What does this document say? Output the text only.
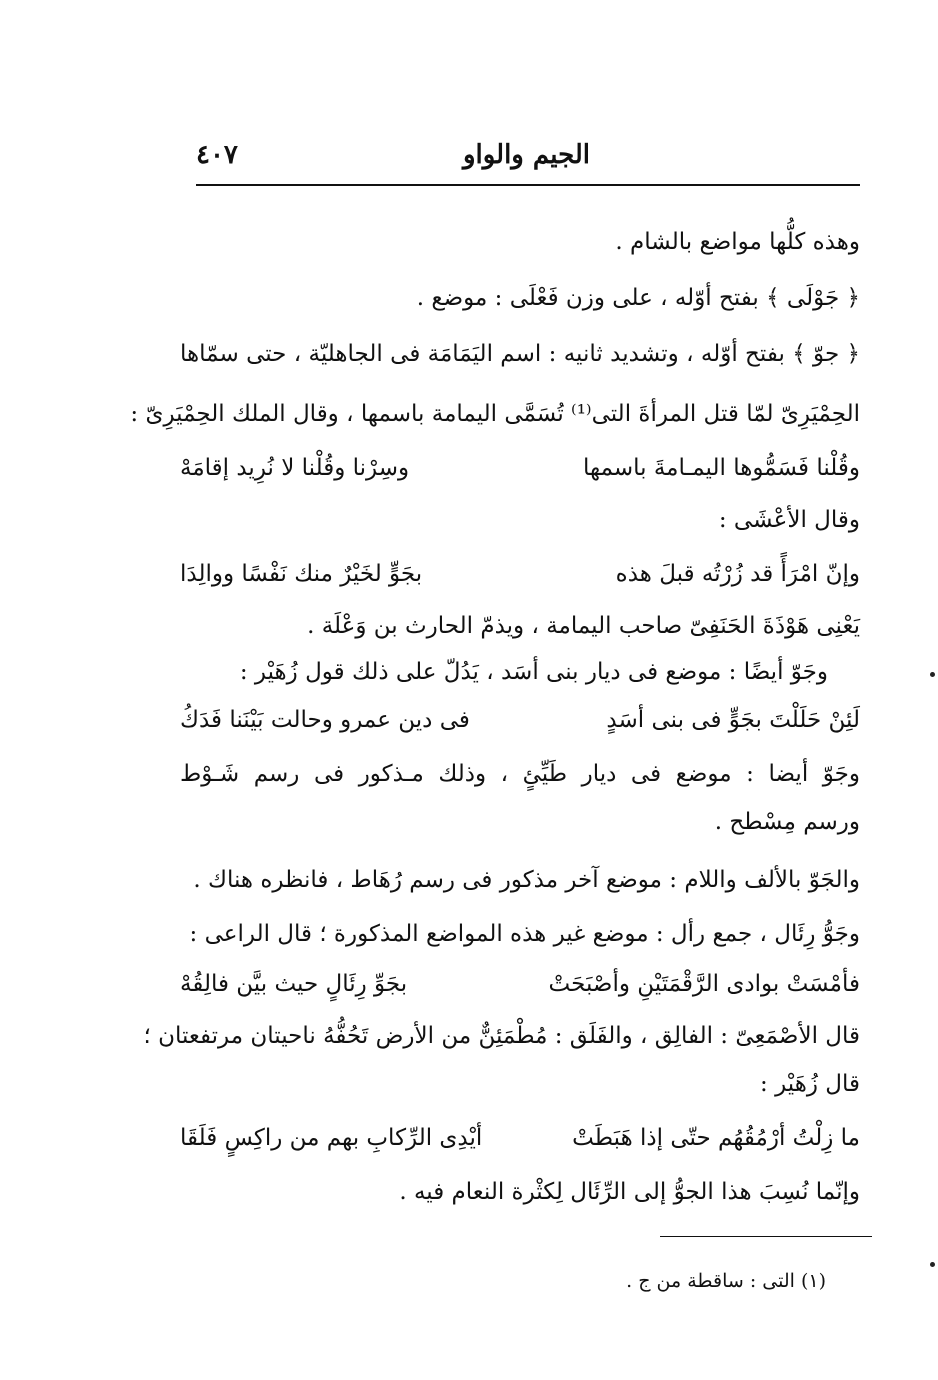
الجيم والواو
٤٠٧
وهذه كلُّها مواضع بالشام .
﴿ جَوْلَى ﴾ بفتح أوّله ، على وزن فَعْلَى : موضع .
﴿ جوّ ﴾ بفتح أوّله ، وتشديد ثانيه : اسم اليَمَامَة فى الجاهليّة ، حتى سمّاها
الحِمْيَرِىّ لمّا قتل المرأةَ التى⁽¹⁾ تُسَمَّى اليمامة باسمها ، وقال الملك الحِمْيَرِىّ :
وقُلْنا فَسَمُّوها اليمـامةَ باسمها
وسِرْنا وقُلْنا لا نُرِيد إقامَهْ
وقال الأعْشَى :
وإنّ امْرَأً قد زُرْتُه قبلَ هذه
بجَوٍّ لخَيْرٌ منك نَفْسًا ووالِدَا
يَعْنِى هَوْذَةَ الحَنَفِىّ صاحب اليمامة ، ويذمّ الحارث بن وَعْلَة .
وجَوّ أيضًا : موضع فى ديار بنى أسَد ، يَدُلّ على ذلك قول زُهَيْر :
لَئِنْ حَلَلْتَ بجَوٍّ فى بنى أسَدٍ
فى دين عمرو وحالت بَيْنَنا فَدَكُ
وجَوّ أيضا : موضع فى ديار طَيِّئٍ ، وذلك مـذكور فى رسم شَـوْط
ورسم مِسْطح .
والجَوّ بالألف واللام : موضع آخر مذكور فى رسم رُهَاط ، فانظره هناك .
وجَوُّ رِئَال ، جمع رأل : موضع غير هذه المواضع المذكورة ؛ قال الراعى :
فأمْسَتْ بوادى الرَّقْمَتَيْنِ وأصْبَحَتْ
بجَوِّ رِئَالٍ حيث بيَّن فالِقُهْ
قال الأصْمَعِىّ : الفالِق ، والفَلَق : مُطْمَئِنٌّ من الأرض تَحُفُّهُ ناحيتان مرتفعتان ؛
قال زُهَيْر :
ما زِلْتُ أرْمُقُهُم حتّى إذا هَبَطَتْ
أيْدِى الرِّكابِ بهم من راكِسٍ فَلَقَا
وإنّما نُسِبَ هذا الجوُّ إلى الرِّئَال لِكثْرة النعام فيه .
(١) التى : ساقطة من ج .
